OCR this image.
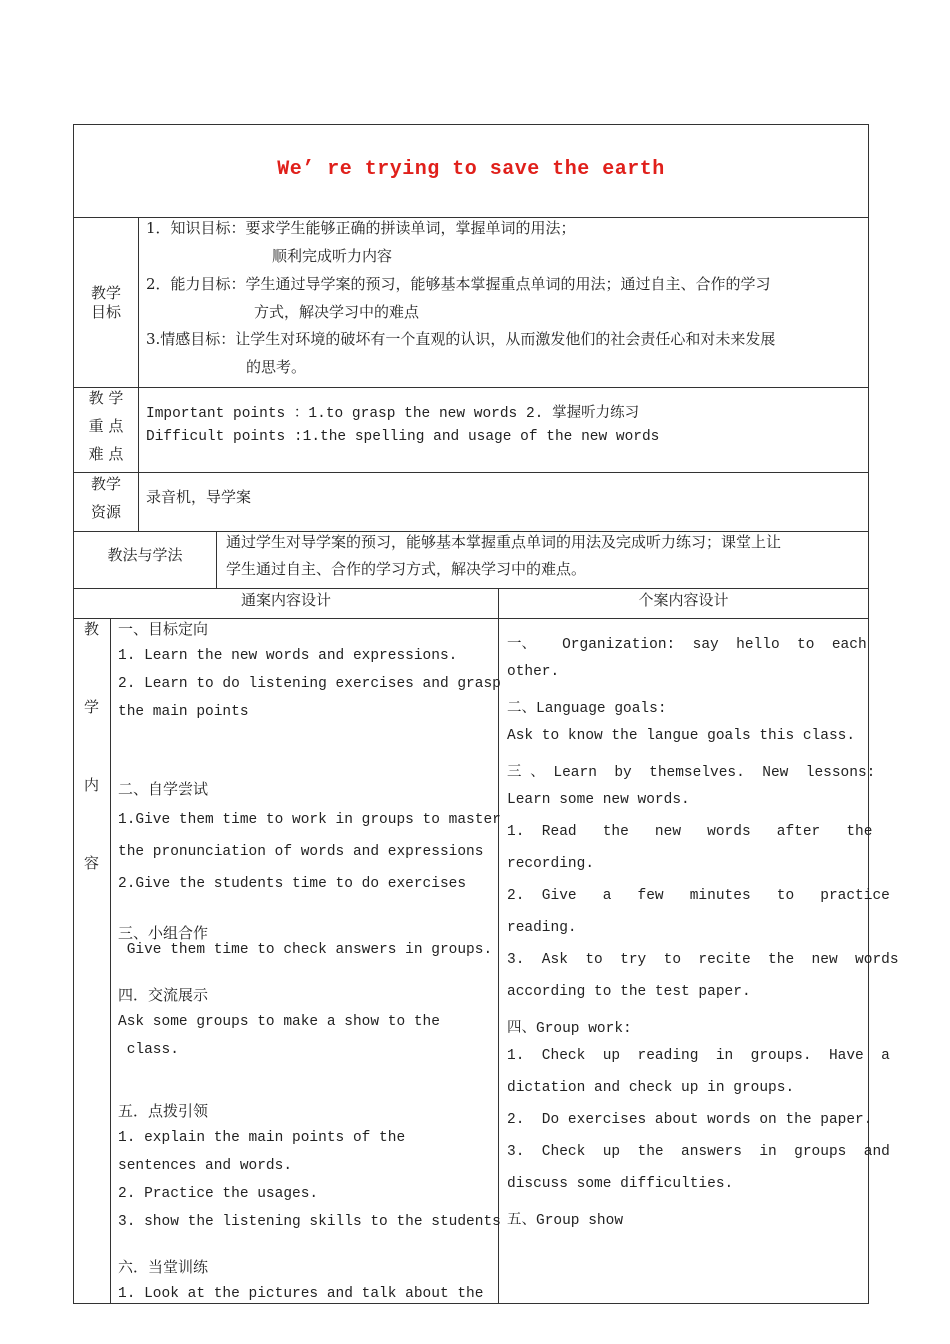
We’ re trying to save the earth
教学
目标
1．知识目标：要求学生能够正确的拼读单词，掌握单词的用法；
顺利完成听力内容
2．能力目标：学生通过导学案的预习，能够基本掌握重点单词的用法；通过自主、合作的学习
方式，解决学习中的难点
3.情感目标：让学生对环境的破坏有一个直观的认识，从而激发他们的社会责任心和对未来发展
的思考。
教 学
重 点
难 点
Important points ：1.to grasp the new words 2. 掌握听力练习
Difficult points :1.the spelling and usage of the new words
教学
资源
录音机，导学案
教法与学法
通过学生对导学案的预习，能够基本掌握重点单词的用法及完成听力练习；课堂上让
学生通过自主、合作的学习方式，解决学习中的难点。
通案内容设计	个案内容设计
教
学
内
容
一、目标定向
1. Learn the new words and expressions.
2. Learn to do listening exercises and grasp
the main points
二、自学尝试
1.Give them time to work in groups to master
the pronunciation of words and expressions
2.Give the students time to do exercises
三、小组合作
Give them time to check answers in groups.
四．交流展示
Ask some groups to make a show to the
class.
五．点拨引领
1. explain the main points of the
sentences and words.
2. Practice the usages.
3. show the listening skills to the students
六．当堂训练
1. Look at the pictures and talk about the
一、   Organization:  say  hello  to  each
other.
二、Language goals:
Ask to know the langue goals this class.
三 、 Learn  by  themselves.  New  lessons:
Learn some new words.
1.  Read   the   new   words   after   the
recording.
2.  Give   a   few   minutes   to   practice
reading.
3.  Ask  to  try  to  recite  the  new  words
according to the test paper.
四、Group work:
1.  Check  up  reading  in  groups.  Have  a
dictation and check up in groups.
2.  Do exercises about words on the paper.
3.  Check  up  the  answers  in  groups  and
discuss some difficulties.
五、Group show
